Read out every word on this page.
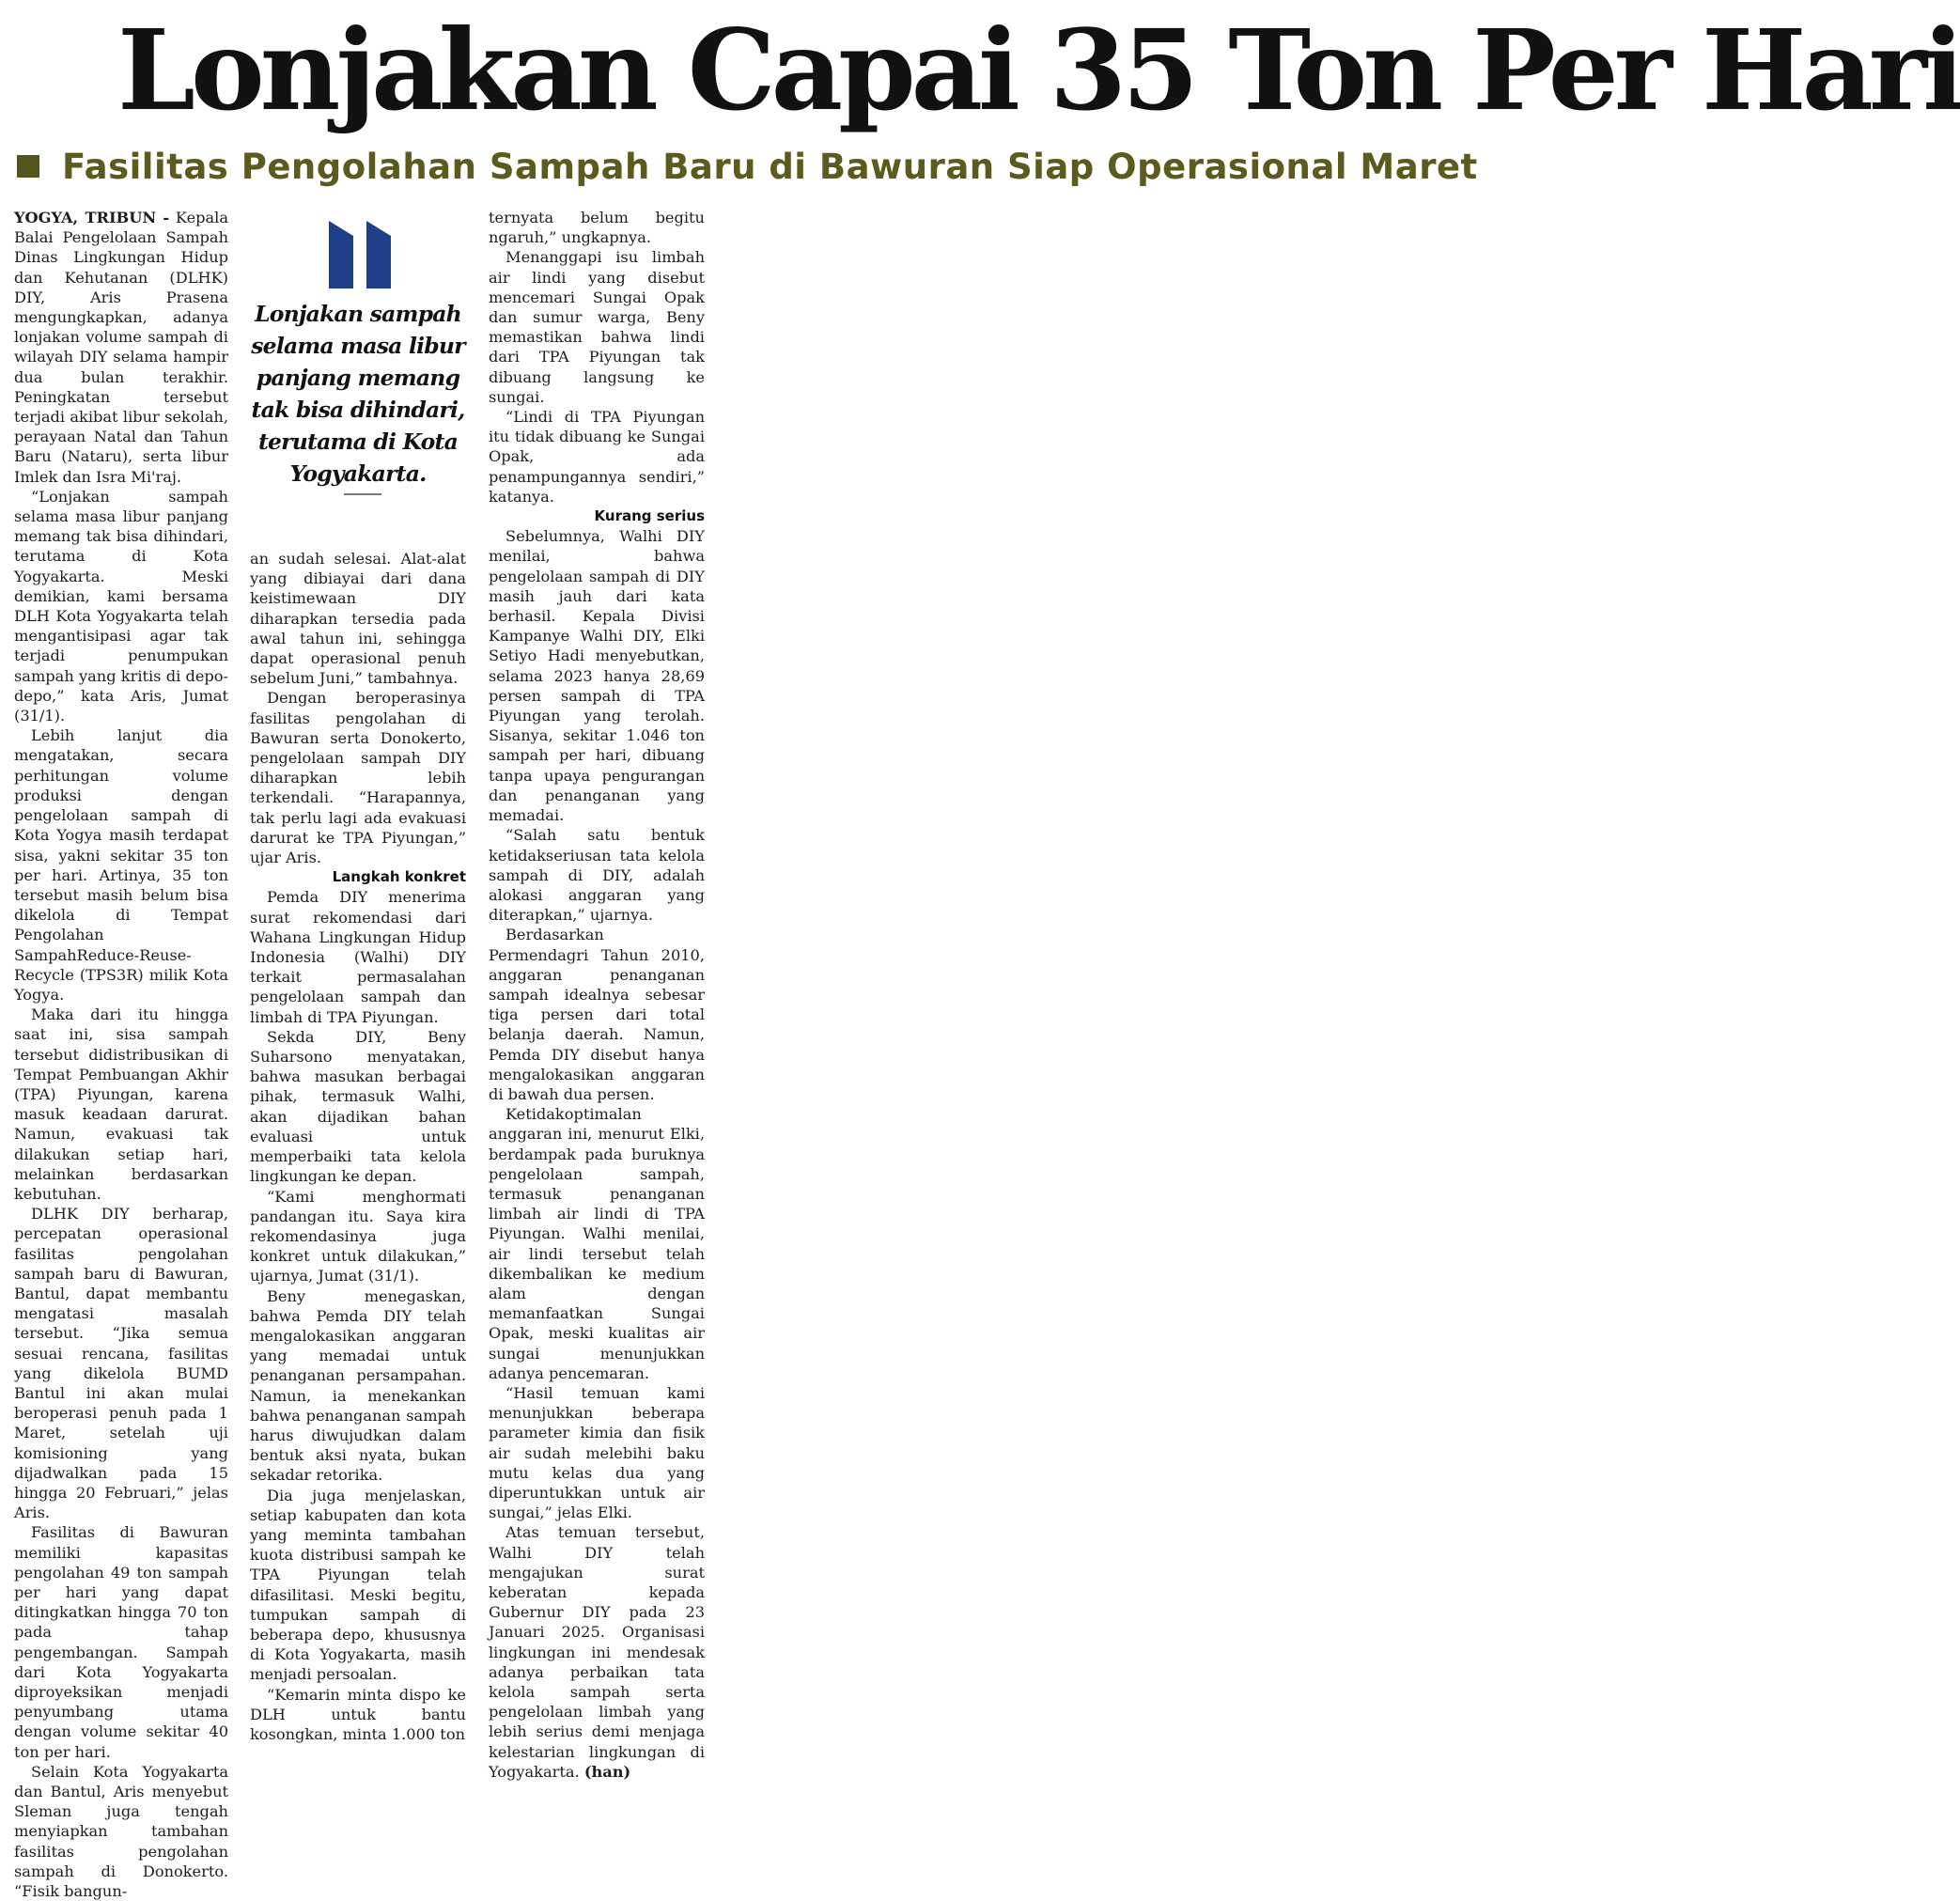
Lonjakan Capai 35 Ton Per Hari
Fasilitas Pengolahan Sampah Baru di Bawuran Siap Operasional Maret

YOGYA, TRIBUN - Kepala Balai Pengelolaan Sampah Dinas Lingkungan Hidup dan Kehutanan (DLHK) DIY, Aris Prasena mengungkapkan, adanya lonjakan volume sampah di wilayah DIY selama hampir dua bulan terakhir. Peningkatan tersebut terjadi akibat libur sekolah, perayaan Natal dan Tahun Baru (Nataru), serta libur Imlek dan Isra Mi'raj.

“Lonjakan sampah selama masa libur panjang memang tak bisa dihindari, terutama di Kota Yogyakarta. Meski demikian, kami bersama DLH Kota Yogyakarta telah mengantisipasi agar tak terjadi penumpukan sampah yang kritis di depo-depo,” kata Aris, Jumat (31/1).

Lebih lanjut dia mengatakan, secara perhitungan volume produksi dengan pengelolaan sampah di Kota Yogya masih terdapat sisa, yakni sekitar 35 ton per hari. Artinya, 35 ton tersebut masih belum bisa dikelola di Tempat Pengolahan SampahReduce-Reuse-Recycle (TPS3R) milik Kota Yogya.

Maka dari itu hingga saat ini, sisa sampah tersebut didistribusikan di Tempat Pembuangan Akhir (TPA) Piyungan, karena masuk keadaan darurat. Namun, evakuasi tak dilakukan setiap hari, melainkan berdasarkan kebutuhan.

DLHK DIY berharap, percepatan operasional fasilitas pengolahan sampah baru di Bawuran, Bantul, dapat membantu mengatasi masalah tersebut. “Jika semua sesuai rencana, fasilitas yang dikelola BUMD Bantul ini akan mulai beroperasi penuh pada 1 Maret, setelah uji komisioning yang dijadwalkan pada 15 hingga 20 Februari,” jelas Aris.

Fasilitas di Bawuran memiliki kapasitas pengolahan 49 ton sampah per hari yang dapat ditingkatkan hingga 70 ton pada tahap pengembangan. Sampah dari Kota Yogyakarta diproyeksikan menjadi penyumbang utama dengan volume sekitar 40 ton per hari.

Selain Kota Yogyakarta dan Bantul, Aris menyebut Sleman juga tengah menyiapkan tambahan fasilitas pengolahan sampah di Donokerto. “Fisik bangun-

Lonjakan sampah selama masa libur panjang memang tak bisa dihindari, terutama di Kota Yogyakarta.

an sudah selesai. Alat-alat yang dibiayai dari dana keistimewaan DIY diharapkan tersedia pada awal tahun ini, sehingga dapat operasional penuh sebelum Juni,” tambahnya.

Dengan beroperasinya fasilitas pengolahan di Bawuran serta Donokerto, pengelolaan sampah DIY diharapkan lebih terkendali. “Harapannya, tak perlu lagi ada evakuasi darurat ke TPA Piyungan,” ujar Aris.

Langkah konkret

Pemda DIY menerima surat rekomendasi dari Wahana Lingkungan Hidup Indonesia (Walhi) DIY terkait permasalahan pengelolaan sampah dan limbah di TPA Piyungan.

Sekda DIY, Beny Suharsono menyatakan, bahwa masukan berbagai pihak, termasuk Walhi, akan dijadikan bahan evaluasi untuk memperbaiki tata kelola lingkungan ke depan.

“Kami menghormati pandangan itu. Saya kira rekomendasinya juga konkret untuk dilakukan,” ujarnya, Jumat (31/1).

Beny menegaskan, bahwa Pemda DIY telah mengalokasikan anggaran yang memadai untuk penanganan persampahan. Namun, ia menekankan bahwa penanganan sampah harus diwujudkan dalam bentuk aksi nyata, bukan sekadar retorika.

Dia juga menjelaskan, setiap kabupaten dan kota yang meminta tambahan kuota distribusi sampah ke TPA Piyungan telah difasilitasi. Meski begitu, tumpukan sampah di beberapa depo, khususnya di Kota Yogyakarta, masih menjadi persoalan.

“Kemarin minta dispo ke DLH untuk bantu kosongkan, minta 1.000 ton

ternyata belum begitu ngaruh,” ungkapnya.

Menanggapi isu limbah air lindi yang disebut mencemari Sungai Opak dan sumur warga, Beny memastikan bahwa lindi dari TPA Piyungan tak dibuang langsung ke sungai.

“Lindi di TPA Piyungan itu tidak dibuang ke Sungai Opak, ada penampungannya sendiri,” katanya.

Kurang serius

Sebelumnya, Walhi DIY menilai, bahwa pengelolaan sampah di DIY masih jauh dari kata berhasil. Kepala Divisi Kampanye Walhi DIY, Elki Setiyo Hadi menyebutkan, selama 2023 hanya 28,69 persen sampah di TPA Piyungan yang terolah. Sisanya, sekitar 1.046 ton sampah per hari, dibuang tanpa upaya pengurangan dan penanganan yang memadai.

“Salah satu bentuk ketidakseriusan tata kelola sampah di DIY, adalah alokasi anggaran yang diterapkan,” ujarnya.

Berdasarkan Permendagri Tahun 2010, anggaran penanganan sampah idealnya sebesar tiga persen dari total belanja daerah. Namun, Pemda DIY disebut hanya mengalokasikan anggaran di bawah dua persen.

Ketidakoptimalan anggaran ini, menurut Elki, berdampak pada buruknya pengelolaan sampah, termasuk penanganan limbah air lindi di TPA Piyungan. Walhi menilai, air lindi tersebut telah dikembalikan ke medium alam dengan memanfaatkan Sungai Opak, meski kualitas air sungai menunjukkan adanya pencemaran.

“Hasil temuan kami menunjukkan beberapa parameter kimia dan fisik air sudah melebihi baku mutu kelas dua yang diperuntukkan untuk air sungai,” jelas Elki.

Atas temuan tersebut, Walhi DIY telah mengajukan surat keberatan kepada Gubernur DIY pada 23 Januari 2025. Organisasi lingkungan ini mendesak adanya perbaikan tata kelola sampah serta pengelolaan limbah yang lebih serius demi menjaga kelestarian lingkungan di Yogyakarta. (han)
